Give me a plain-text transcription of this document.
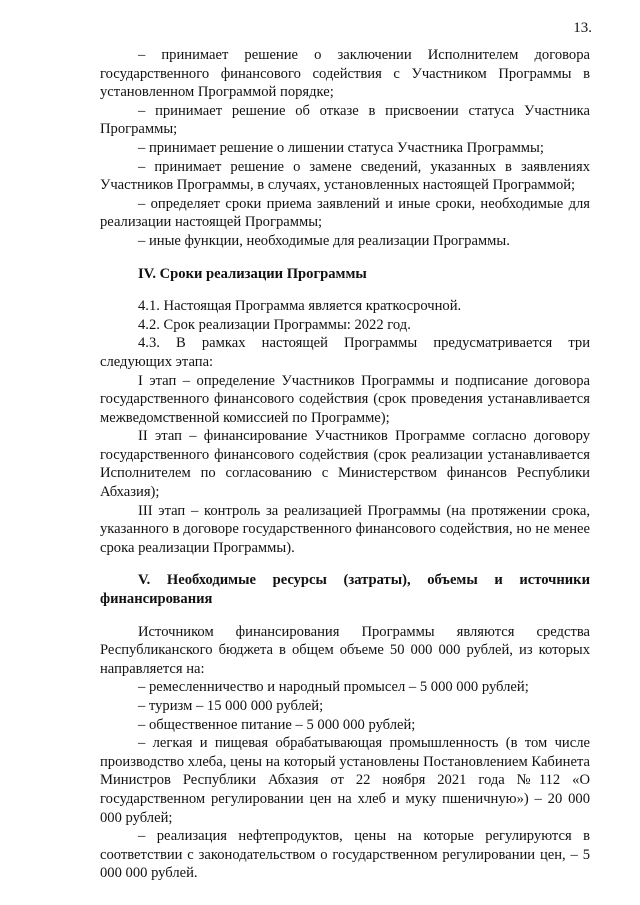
13.

– принимает решение о заключении Исполнителем договора государственного финансового содействия с Участником Программы в установленном Программой порядке;

– принимает решение об отказе в присвоении статуса Участника Программы;

– принимает решение о лишении статуса Участника Программы;

– принимает решение о замене сведений, указанных в заявлениях Участников Программы, в случаях, установленных настоящей Программой;

– определяет сроки приема заявлений и иные сроки, необходимые для реализации настоящей Программы;

– иные функции, необходимые для реализации Программы.

IV. Сроки реализации Программы

4.1. Настоящая Программа является краткосрочной.

4.2. Срок реализации Программы: 2022 год.

4.3. В рамках настоящей Программы предусматривается три следующих этапа:

I этап – определение Участников Программы и подписание договора государственного финансового содействия (срок проведения устанавливается межведомственной комиссией по Программе);

II этап – финансирование Участников Программе согласно договору государственного финансового содействия (срок реализации устанавливается Исполнителем по согласованию с Министерством финансов Республики Абхазия);

III этап – контроль за реализацией Программы (на протяжении срока, указанного в договоре государственного финансового содействия, но не менее срока реализации Программы).

V. Необходимые ресурсы (затраты), объемы и источники финансирования

Источником финансирования Программы являются средства Республиканского бюджета в общем объеме 50 000 000 рублей, из которых направляется на:

– ремесленничество и народный промысел – 5 000 000 рублей;

– туризм – 15 000 000 рублей;

– общественное питание – 5 000 000 рублей;

– легкая и пищевая обрабатывающая промышленность (в том числе производство хлеба, цены на который установлены Постановлением Кабинета Министров Республики Абхазия от 22 ноября 2021 года №112 «О государственном регулировании цен на хлеб и муку пшеничную») – 20 000 000 рублей;

– реализация нефтепродуктов, цены на которые регулируются в соответствии с законодательством о государственном регулировании цен, – 5 000 000 рублей.
